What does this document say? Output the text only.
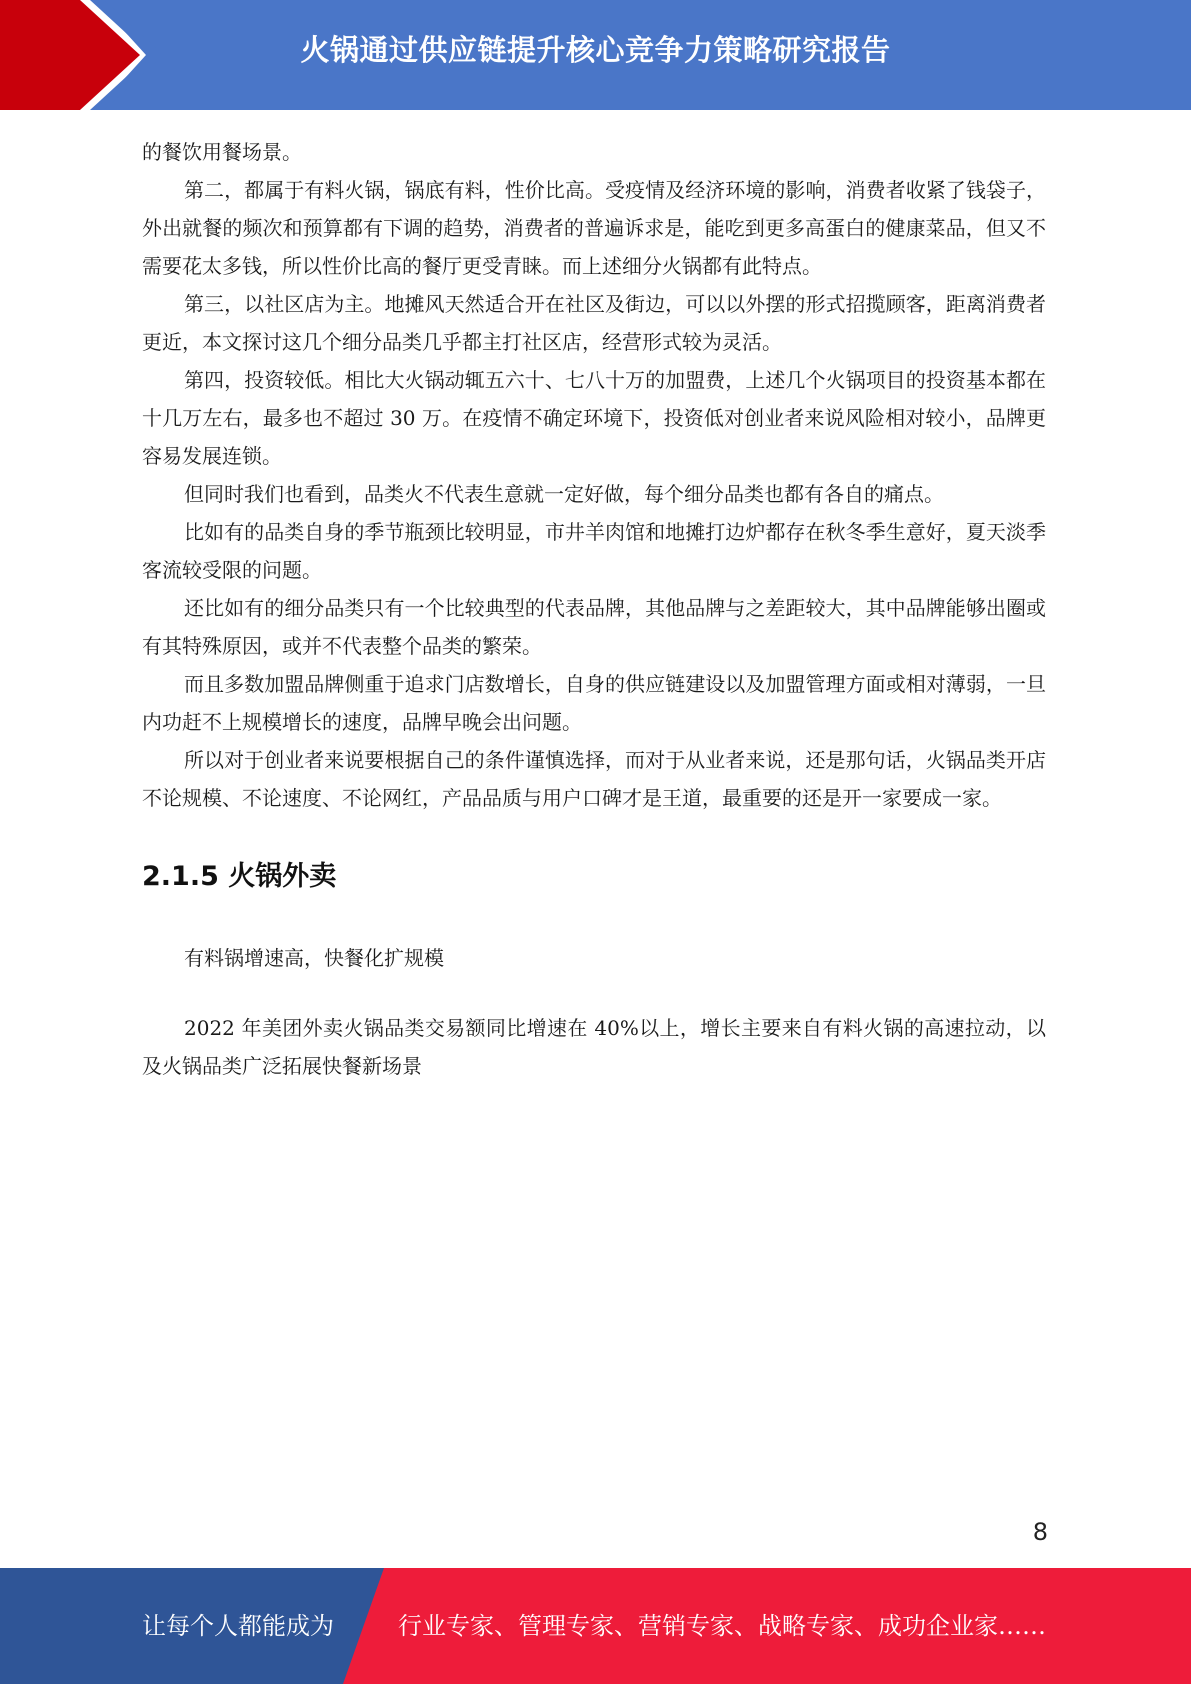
火锅通过供应链提升核心竞争力策略研究报告

的餐饮用餐场景。

第二，都属于有料火锅，锅底有料，性价比高。受疫情及经济环境的影响，消费者收紧了钱袋子，外出就餐的频次和预算都有下调的趋势，消费者的普遍诉求是，能吃到更多高蛋白的健康菜品，但又不需要花太多钱，所以性价比高的餐厅更受青睐。而上述细分火锅都有此特点。

第三，以社区店为主。地摊风天然适合开在社区及街边，可以以外摆的形式招揽顾客，距离消费者更近，本文探讨这几个细分品类几乎都主打社区店，经营形式较为灵活。

第四，投资较低。相比大火锅动辄五六十、七八十万的加盟费，上述几个火锅项目的投资基本都在十几万左右，最多也不超过 30 万。在疫情不确定环境下，投资低对创业者来说风险相对较小，品牌更容易发展连锁。

但同时我们也看到，品类火不代表生意就一定好做，每个细分品类也都有各自的痛点。

比如有的品类自身的季节瓶颈比较明显，市井羊肉馆和地摊打边炉都存在秋冬季生意好，夏天淡季客流较受限的问题。

还比如有的细分品类只有一个比较典型的代表品牌，其他品牌与之差距较大，其中品牌能够出圈或有其特殊原因，或并不代表整个品类的繁荣。

而且多数加盟品牌侧重于追求门店数增长，自身的供应链建设以及加盟管理方面或相对薄弱，一旦内功赶不上规模增长的速度，品牌早晚会出问题。

所以对于创业者来说要根据自己的条件谨慎选择，而对于从业者来说，还是那句话，火锅品类开店不论规模、不论速度、不论网红，产品品质与用户口碑才是王道，最重要的还是开一家要成一家。

2.1.5 火锅外卖

有料锅增速高，快餐化扩规模

2022 年美团外卖火锅品类交易额同比增速在 40%以上，增长主要来自有料火锅的高速拉动，以及火锅品类广泛拓展快餐新场景

8
让每个人都能成为	行业专家、管理专家、营销专家、战略专家、成功企业家……
